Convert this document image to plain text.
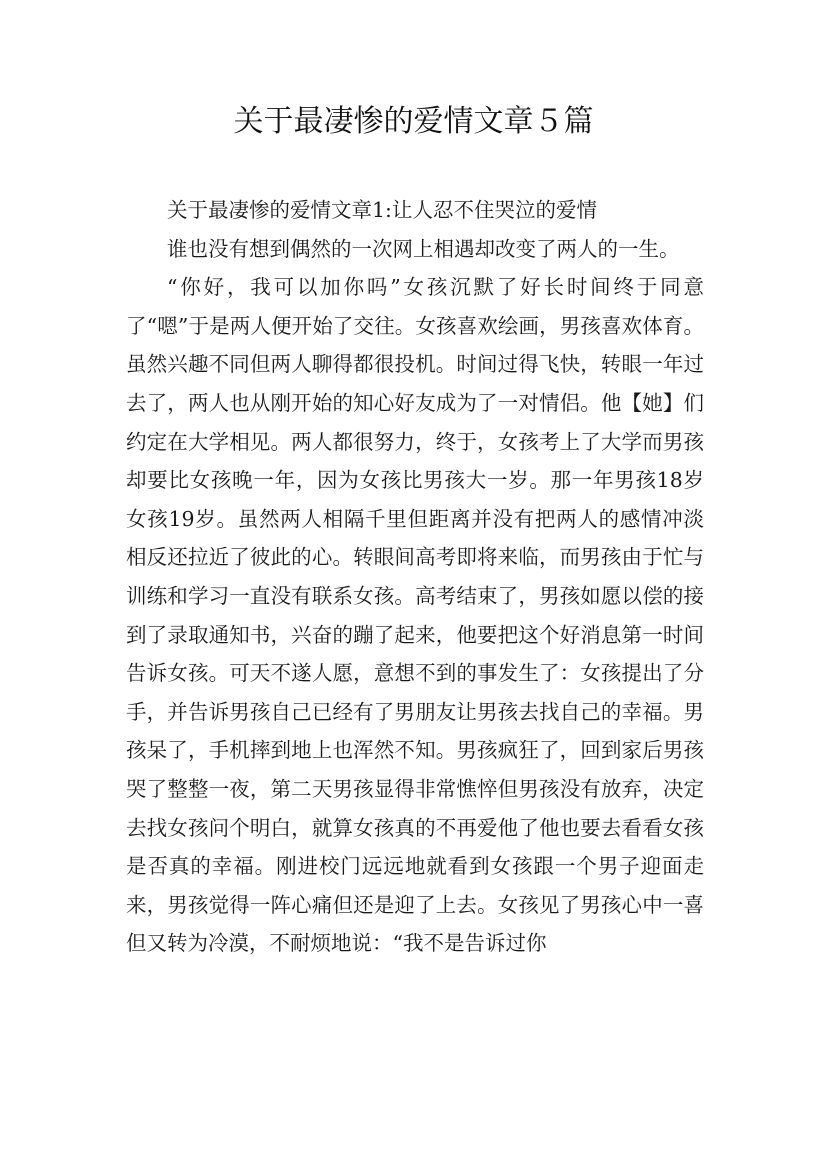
关于最凄惨的爱情文章５篇

关于最凄惨的爱情文章1:让人忍不住哭泣的爱情

谁也没有想到偶然的一次网上相遇却改变了两人的一生。

“你好，我可以加你吗”女孩沉默了好长时间终于同意了“嗯”于是两人便开始了交往。女孩喜欢绘画，男孩喜欢体育。虽然兴趣不同但两人聊得都很投机。时间过得飞快，转眼一年过去了，两人也从刚开始的知心好友成为了一对情侣。他【她】们约定在大学相见。两人都很努力，终于，女孩考上了大学而男孩却要比女孩晚一年，因为女孩比男孩大一岁。那一年男孩18岁女孩19岁。虽然两人相隔千里但距离并没有把两人的感情冲淡相反还拉近了彼此的心。转眼间高考即将来临，而男孩由于忙与训练和学习一直没有联系女孩。高考结束了，男孩如愿以偿的接到了录取通知书，兴奋的蹦了起来，他要把这个好消息第一时间告诉女孩。可天不遂人愿，意想不到的事发生了：女孩提出了分手，并告诉男孩自己已经有了男朋友让男孩去找自己的幸福。男孩呆了，手机摔到地上也浑然不知。男孩疯狂了，回到家后男孩哭了整整一夜，第二天男孩显得非常憔悴但男孩没有放弃，决定去找女孩问个明白，就算女孩真的不再爱他了他也要去看看女孩是否真的幸福。刚进校门远远地就看到女孩跟一个男子迎面走来，男孩觉得一阵心痛但还是迎了上去。女孩见了男孩心中一喜但又转为冷漠，不耐烦地说：“我不是告诉过你
